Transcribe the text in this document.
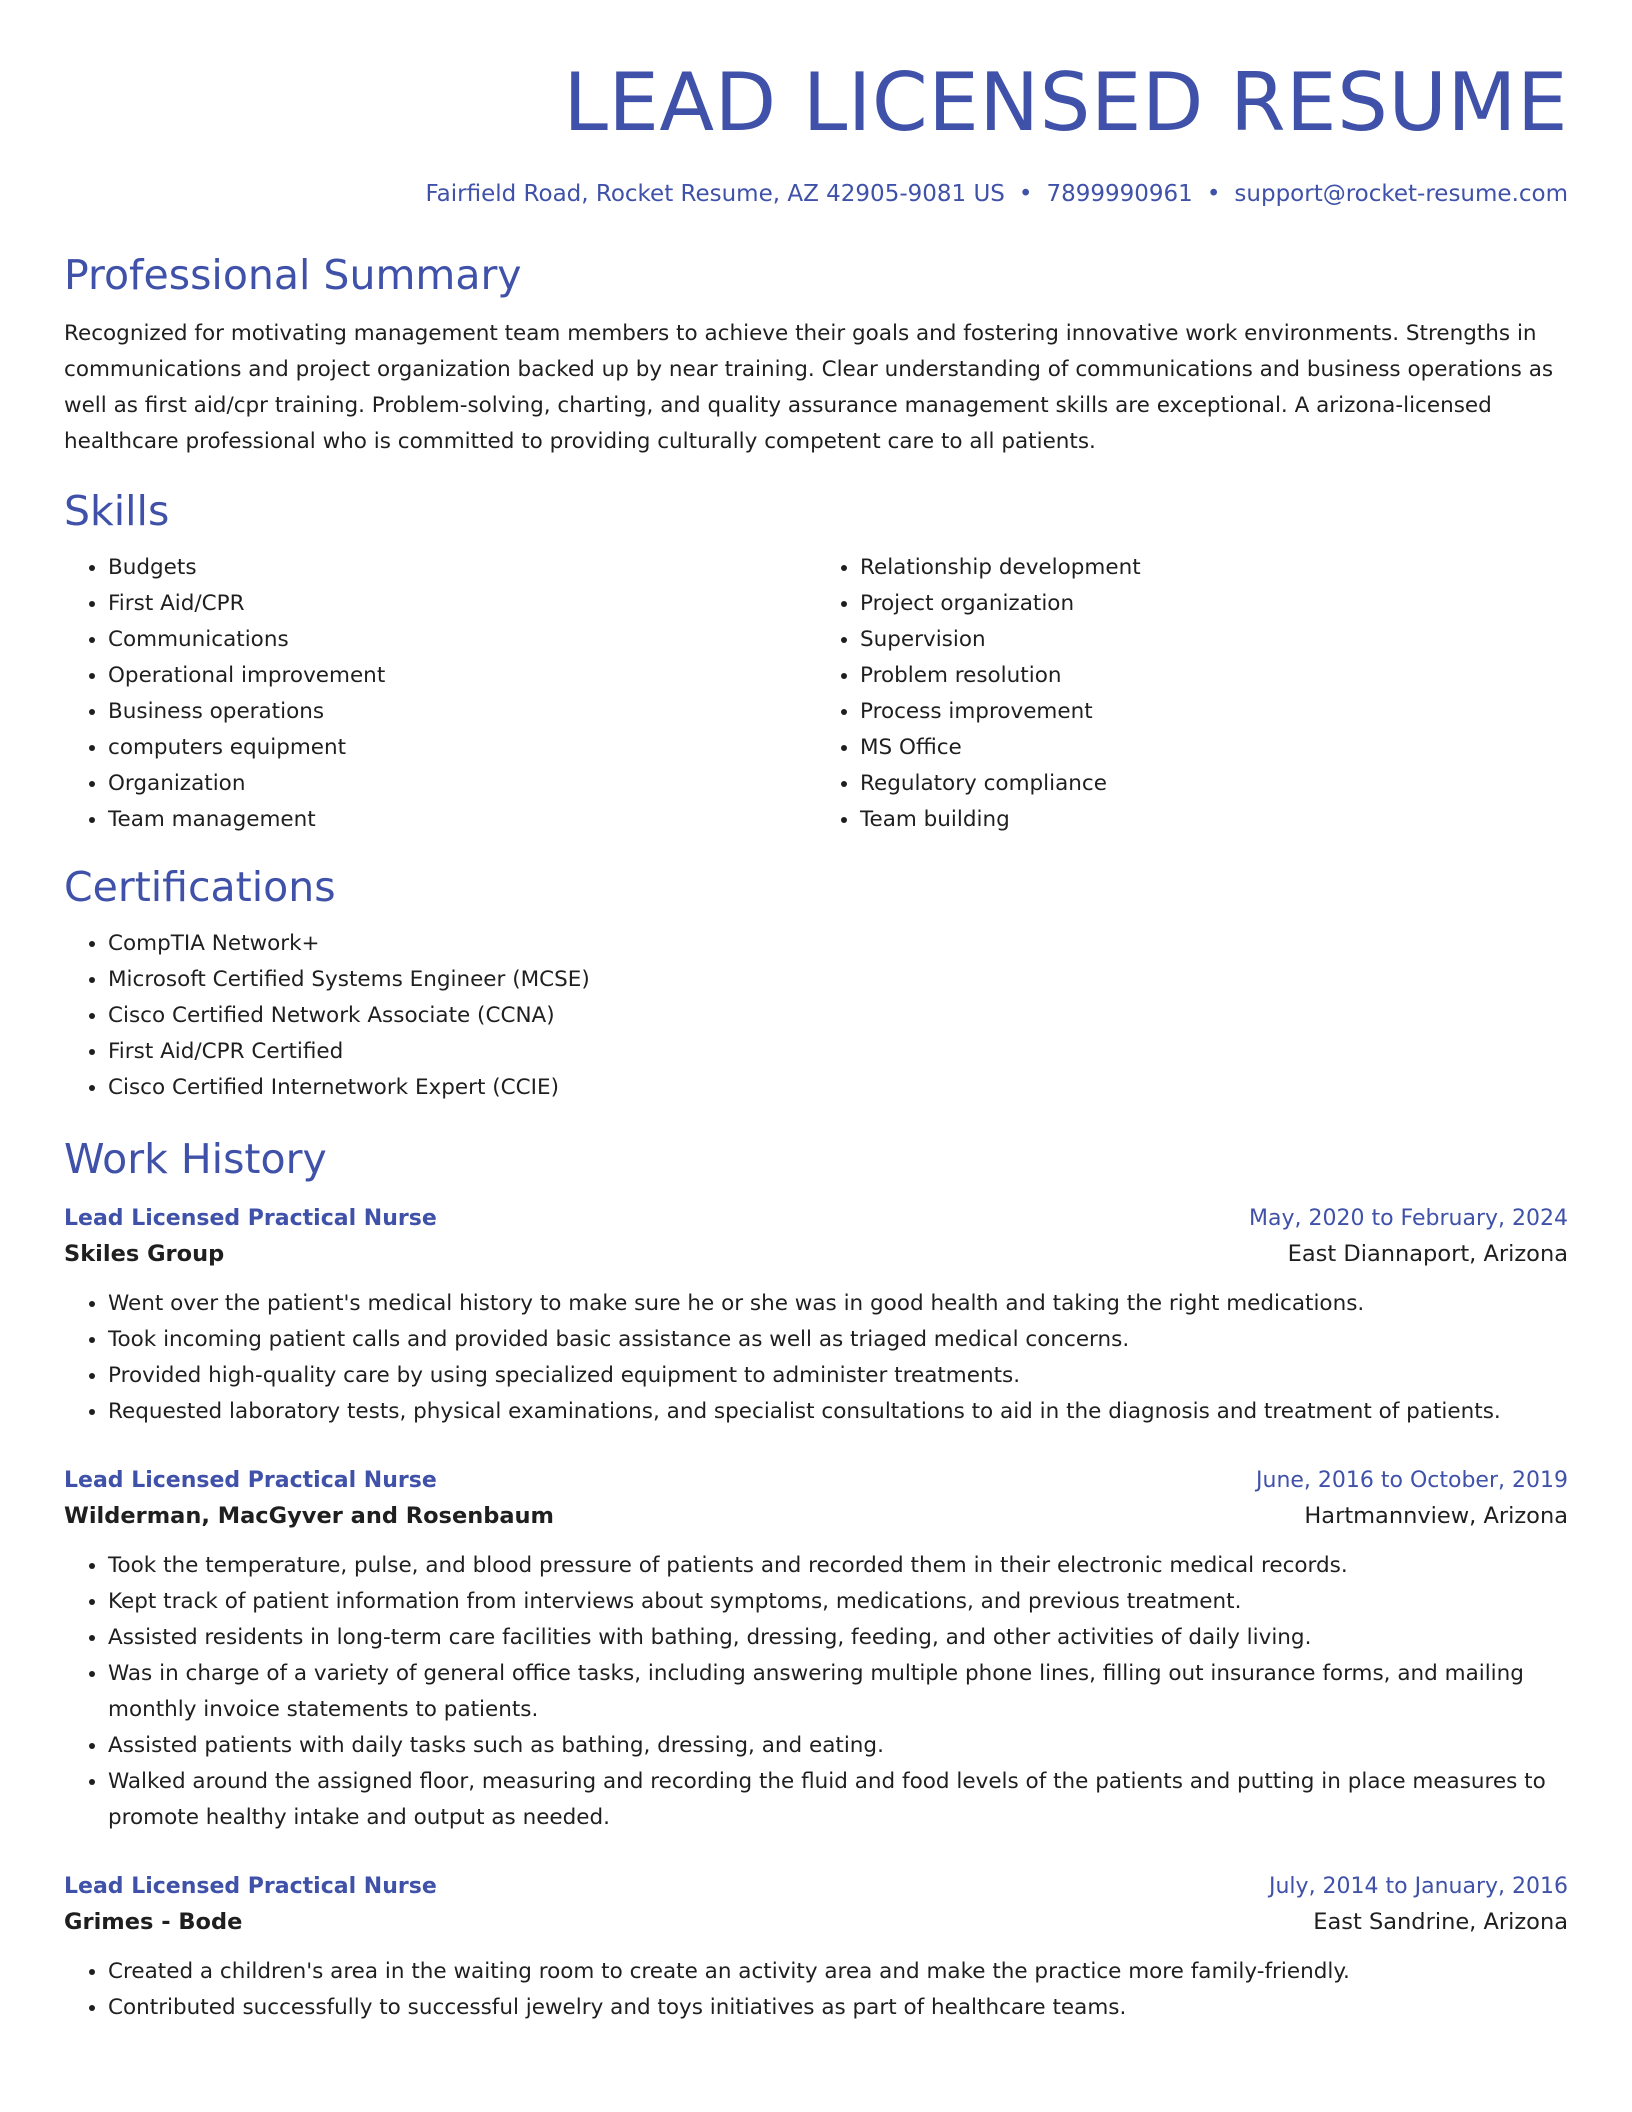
LEAD LICENSED RESUME
Fairfield Road, Rocket Resume, AZ 42905-9081 US • 7899990961 • support@rocket-resume.com
Professional Summary

Recognized for motivating management team members to achieve their goals and fostering innovative work environments. Strengths in communications and project organization backed up by near training. Clear understanding of communications and business operations as well as first aid/cpr training. Problem-solving, charting, and quality assurance management skills are exceptional. A arizona-licensed healthcare professional who is committed to providing culturally competent care to all patients.

Skills
• Budgets
• First Aid/CPR
• Communications
• Operational improvement
• Business operations
• computers equipment
• Organization
• Team management
• Relationship development
• Project organization
• Supervision
• Problem resolution
• Process improvement
• MS Office
• Regulatory compliance
• Team building
Certifications
• CompTIA Network+
• Microsoft Certified Systems Engineer (MCSE)
• Cisco Certified Network Associate (CCNA)
• First Aid/CPR Certified
• Cisco Certified Internetwork Expert (CCIE)
Work History
Lead Licensed Practical Nurse	May, 2020 to February, 2024
Skiles Group	East Diannaport, Arizona
• Went over the patient's medical history to make sure he or she was in good health and taking the right medications.
• Took incoming patient calls and provided basic assistance as well as triaged medical concerns.
• Provided high-quality care by using specialized equipment to administer treatments.
• Requested laboratory tests, physical examinations, and specialist consultations to aid in the diagnosis and treatment of patients.
Lead Licensed Practical Nurse	June, 2016 to October, 2019
Wilderman, MacGyver and Rosenbaum	Hartmannview, Arizona
• Took the temperature, pulse, and blood pressure of patients and recorded them in their electronic medical records.
• Kept track of patient information from interviews about symptoms, medications, and previous treatment.
• Assisted residents in long-term care facilities with bathing, dressing, feeding, and other activities of daily living.
• Was in charge of a variety of general office tasks, including answering multiple phone lines, filling out insurance forms, and mailing monthly invoice statements to patients.
• Assisted patients with daily tasks such as bathing, dressing, and eating.
• Walked around the assigned floor, measuring and recording the fluid and food levels of the patients and putting in place measures to promote healthy intake and output as needed.
Lead Licensed Practical Nurse	July, 2014 to January, 2016
Grimes - Bode	East Sandrine, Arizona
• Created a children's area in the waiting room to create an activity area and make the practice more family-friendly.
• Contributed successfully to successful jewelry and toys initiatives as part of healthcare teams.
